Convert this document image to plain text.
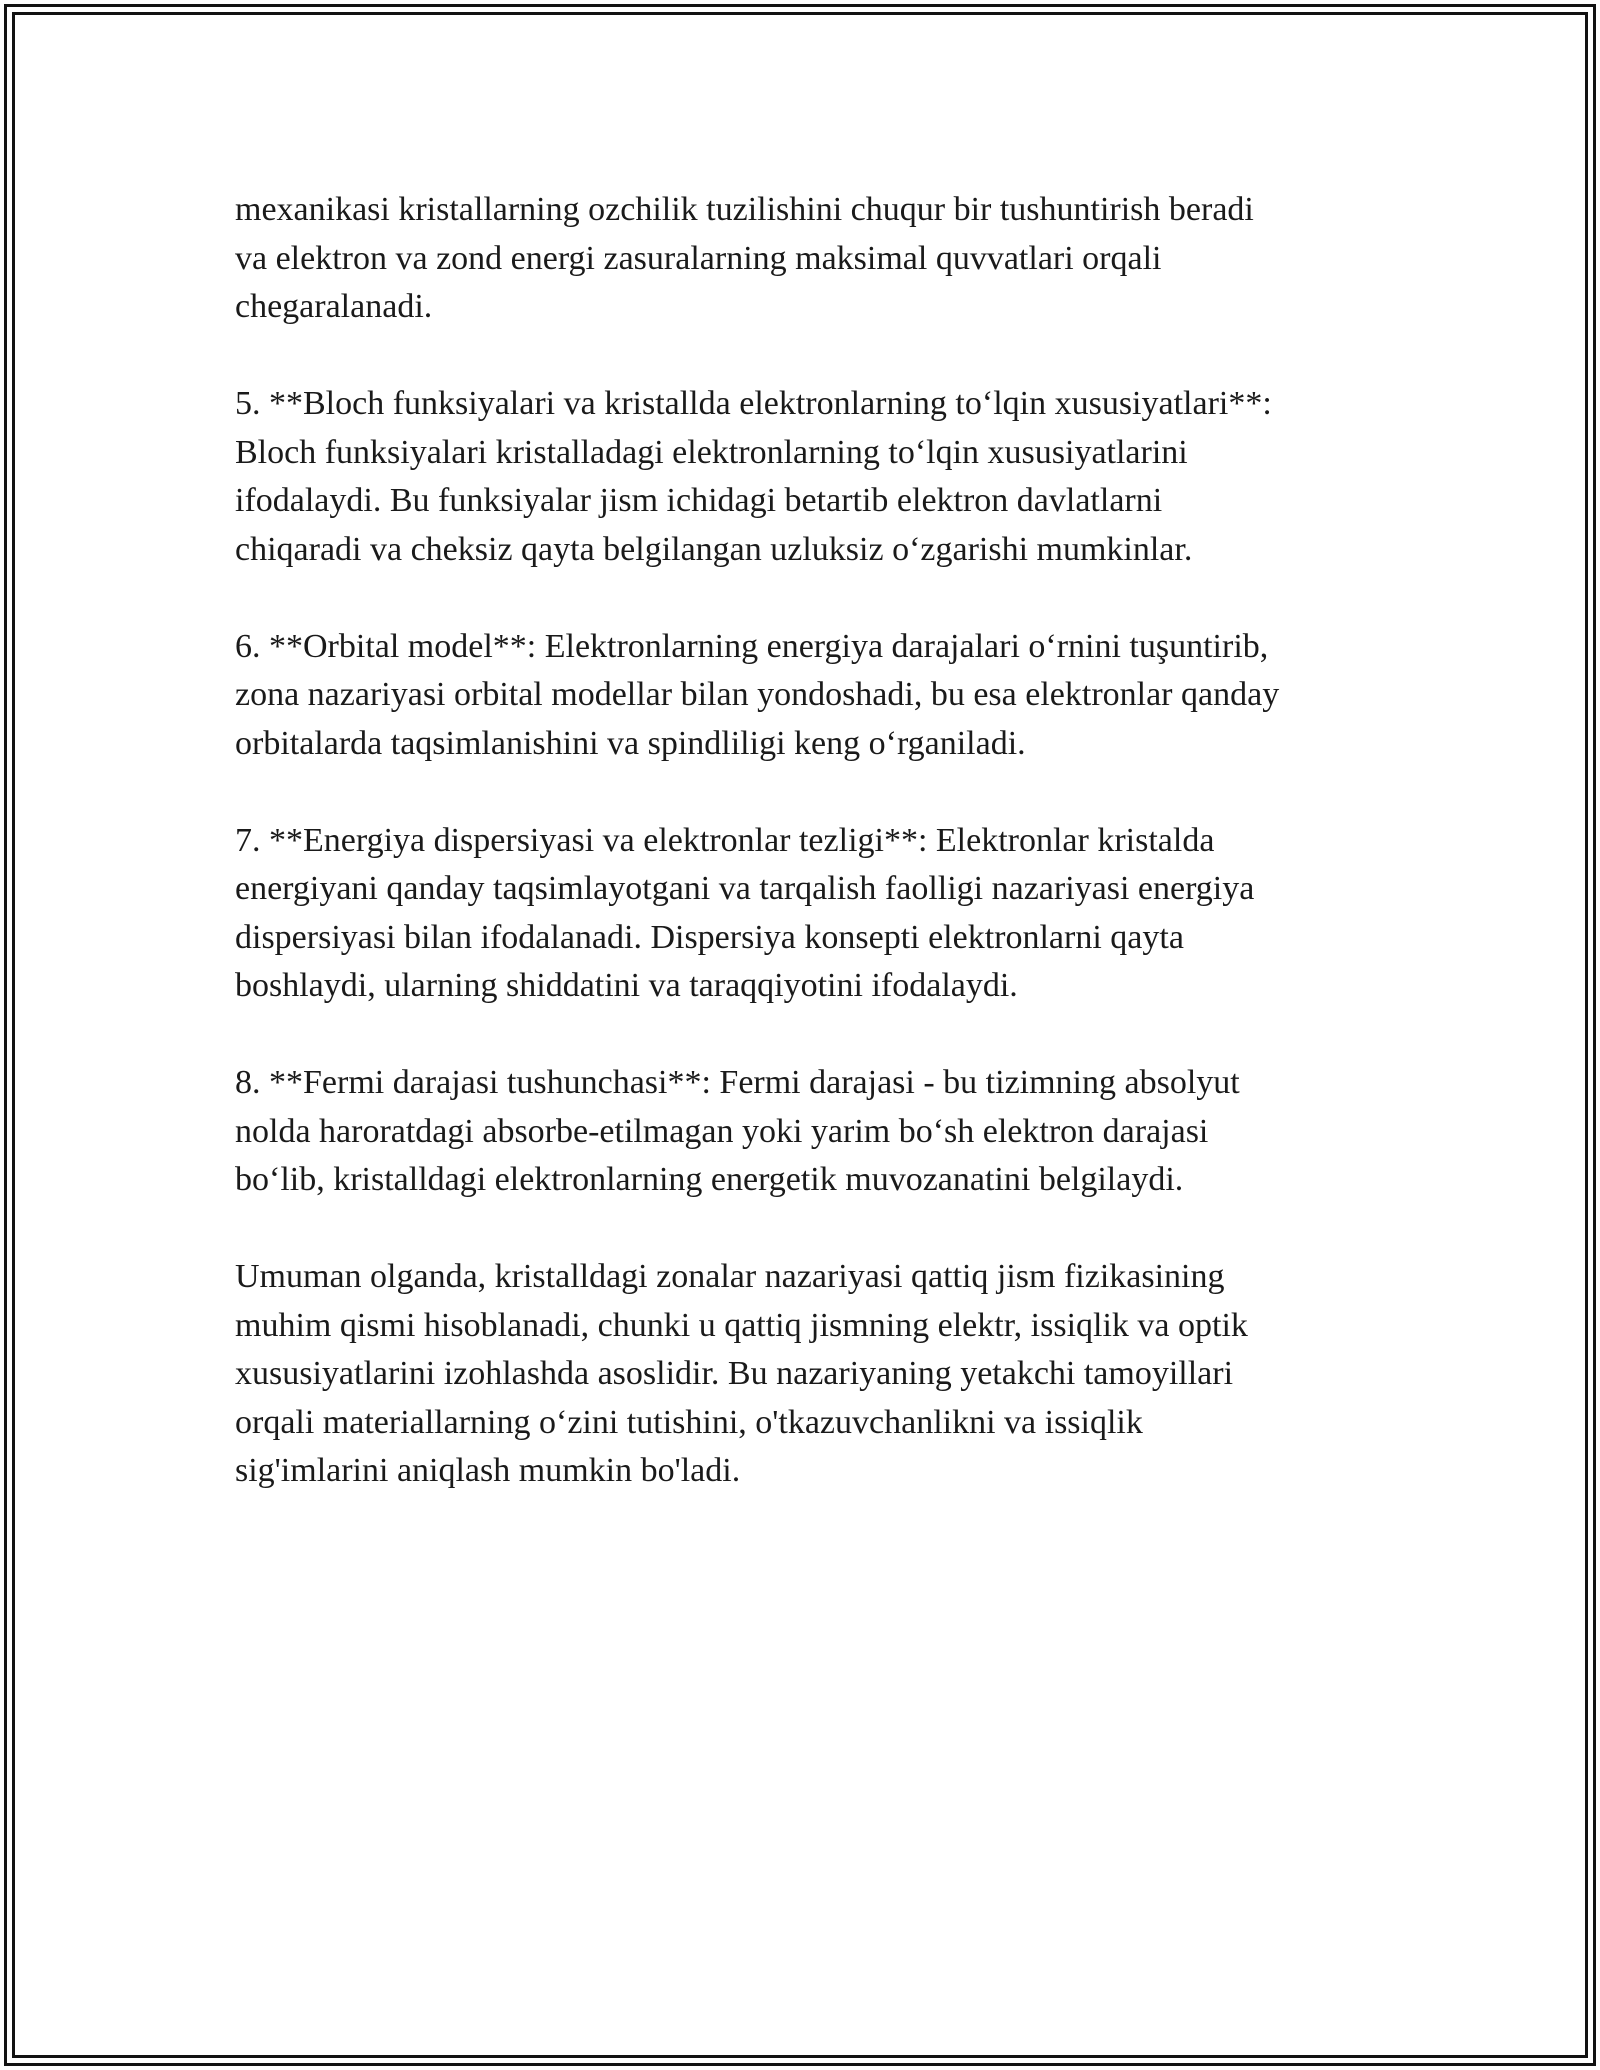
mexanikasi kristallarning ozchilik tuzilishini chuqur bir tushuntirish beradi
va elektron va zond energi zasuralarning maksimal quvvatlari orqali
chegaralanadi.

5. **Bloch funksiyalari va kristallda elektronlarning to‘lqin xususiyatlari**:
Bloch funksiyalari kristalladagi elektronlarning to‘lqin xususiyatlarini
ifodalaydi. Bu funksiyalar jism ichidagi betartib elektron davlatlarni
chiqaradi va cheksiz qayta belgilangan uzluksiz o‘zgarishi mumkinlar.

6. **Orbital model**: Elektronlarning energiya darajalari o‘rnini tuşuntirib,
zona nazariyasi orbital modellar bilan yondoshadi, bu esa elektronlar qanday
orbitalarda taqsimlanishini va spindliligi keng o‘rganiladi.

7. **Energiya dispersiyasi va elektronlar tezligi**: Elektronlar kristalda
energiyani qanday taqsimlayotgani va tarqalish faolligi nazariyasi energiya
dispersiyasi bilan ifodalanadi. Dispersiya konsepti elektronlarni qayta
boshlaydi, ularning shiddatini va taraqqiyotini ifodalaydi.

8. **Fermi darajasi tushunchasi**: Fermi darajasi - bu tizimning absolyut
nolda haroratdagi absorbe-etilmagan yoki yarim bo‘sh elektron darajasi
bo‘lib, kristalldagi elektronlarning energetik muvozanatini belgilaydi.

Umuman olganda, kristalldagi zonalar nazariyasi qattiq jism fizikasining
muhim qismi hisoblanadi, chunki u qattiq jismning elektr, issiqlik va optik
xususiyatlarini izohlashda asoslidir. Bu nazariyaning yetakchi tamoyillari
orqali materiallarning o‘zini tutishini, o'tkazuvchanlikni va issiqlik
sig'imlarini aniqlash mumkin bo'ladi.
